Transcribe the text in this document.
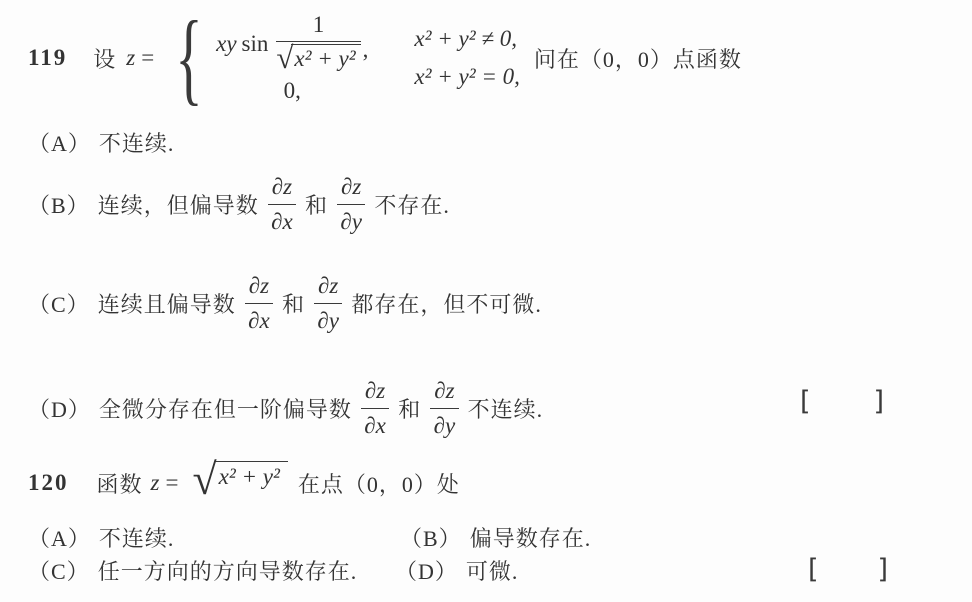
119 设 z = { xy $\sin \frac{1}{\text{√ x² + y²}}$ ,
0,
x² + y² ≠ 0,
x² + y² = 0,
问在（0，0）点函数
（A） 不连续.
（B） 连续，但偏导数 $\frac{\partial z}{\partial x}$ 和 $\frac{\partial z}{\partial y}$ 不存在.
（C） 连续且偏导数 $\frac{\partial z}{\partial x}$ 和 $\frac{\partial z}{\partial y}$ 都存在，但不可微.
（D） 全微分存在但一阶偏导数 $\frac{\partial z}{\partial x}$ 和 $\frac{\partial z}{\partial y}$ 不连续.	[ ]
120 函数 z = √ x² + y² 在点（0，0）处
（A） 不连续.	（B） 偏导数存在.
（C） 任一方向的方向导数存在. （D） 可微.	[ ]
